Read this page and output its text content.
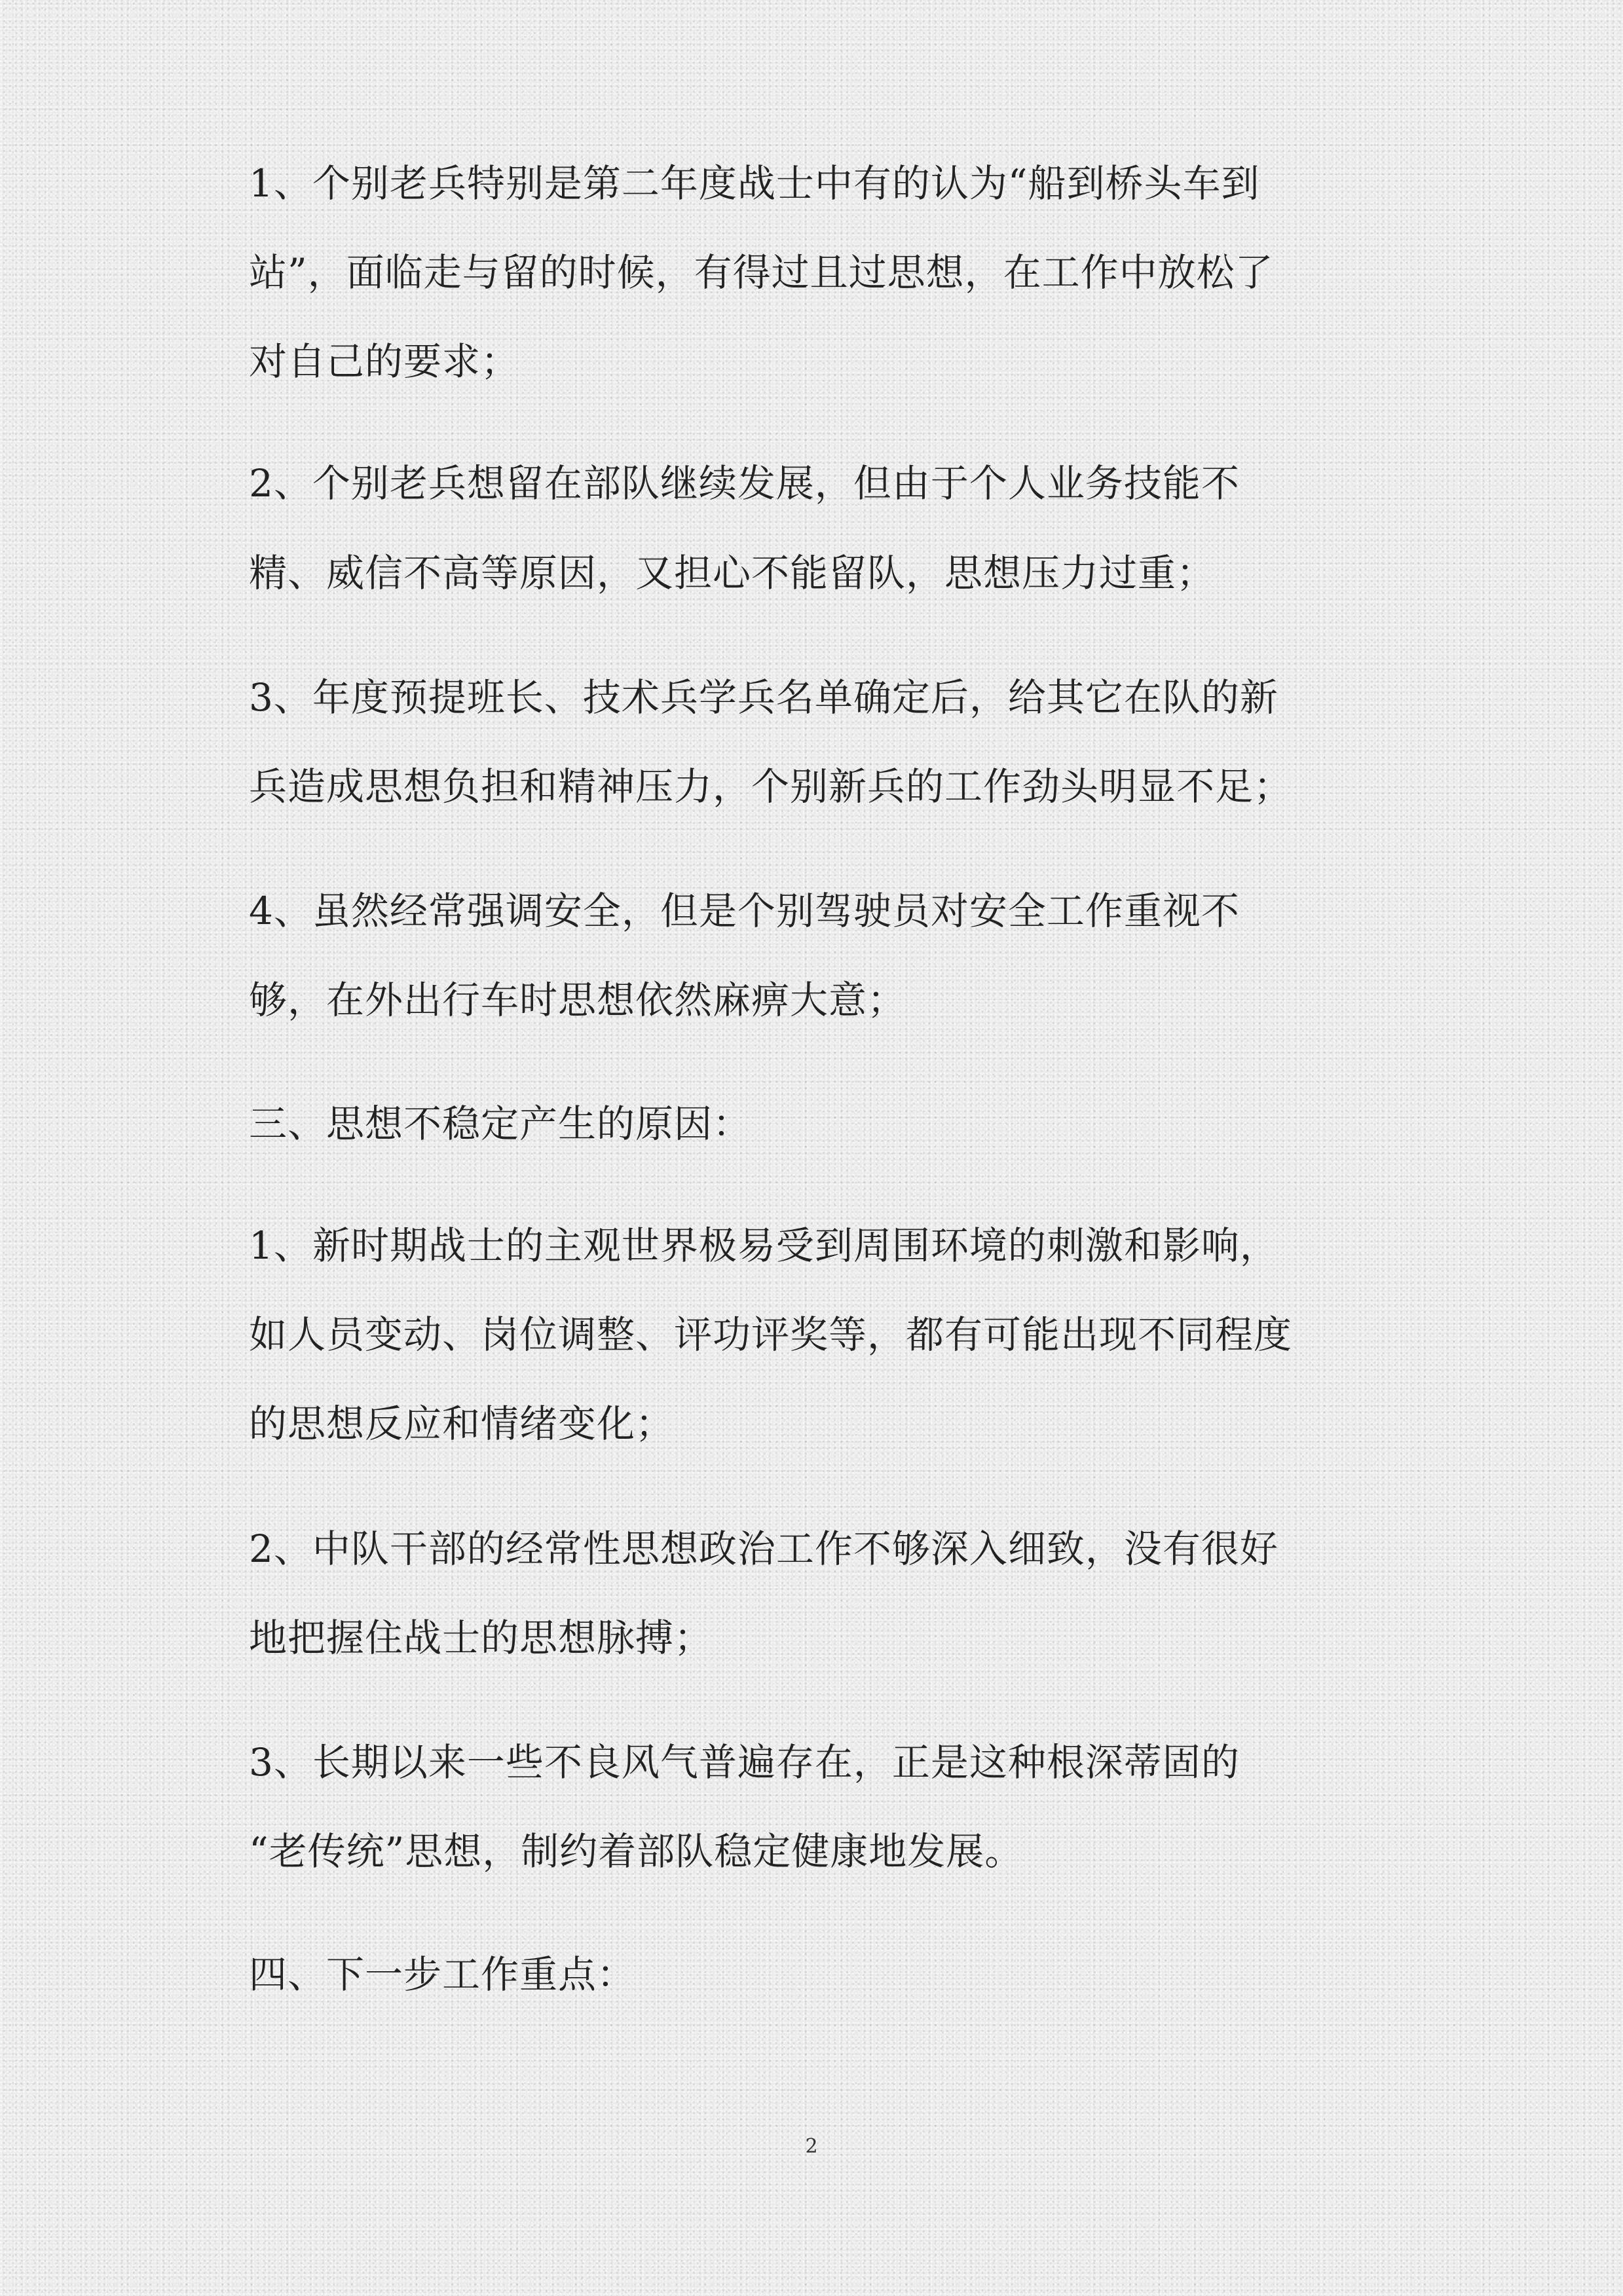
1、个别老兵特别是第二年度战士中有的认为“船到桥头车到
站”，面临走与留的时候，有得过且过思想，在工作中放松了
对自己的要求；
2、个别老兵想留在部队继续发展，但由于个人业务技能不
精、威信不高等原因，又担心不能留队，思想压力过重；
3、年度预提班长、技术兵学兵名单确定后，给其它在队的新
兵造成思想负担和精神压力，个别新兵的工作劲头明显不足；
4、虽然经常强调安全，但是个别驾驶员对安全工作重视不
够，在外出行车时思想依然麻痹大意；
三、思想不稳定产生的原因：
1、新时期战士的主观世界极易受到周围环境的刺激和影响，
如人员变动、岗位调整、评功评奖等，都有可能出现不同程度
的思想反应和情绪变化；
2、中队干部的经常性思想政治工作不够深入细致，没有很好
地把握住战士的思想脉搏；
3、长期以来一些不良风气普遍存在，正是这种根深蒂固的
“老传统”思想，制约着部队稳定健康地发展。
四、下一步工作重点：
2
